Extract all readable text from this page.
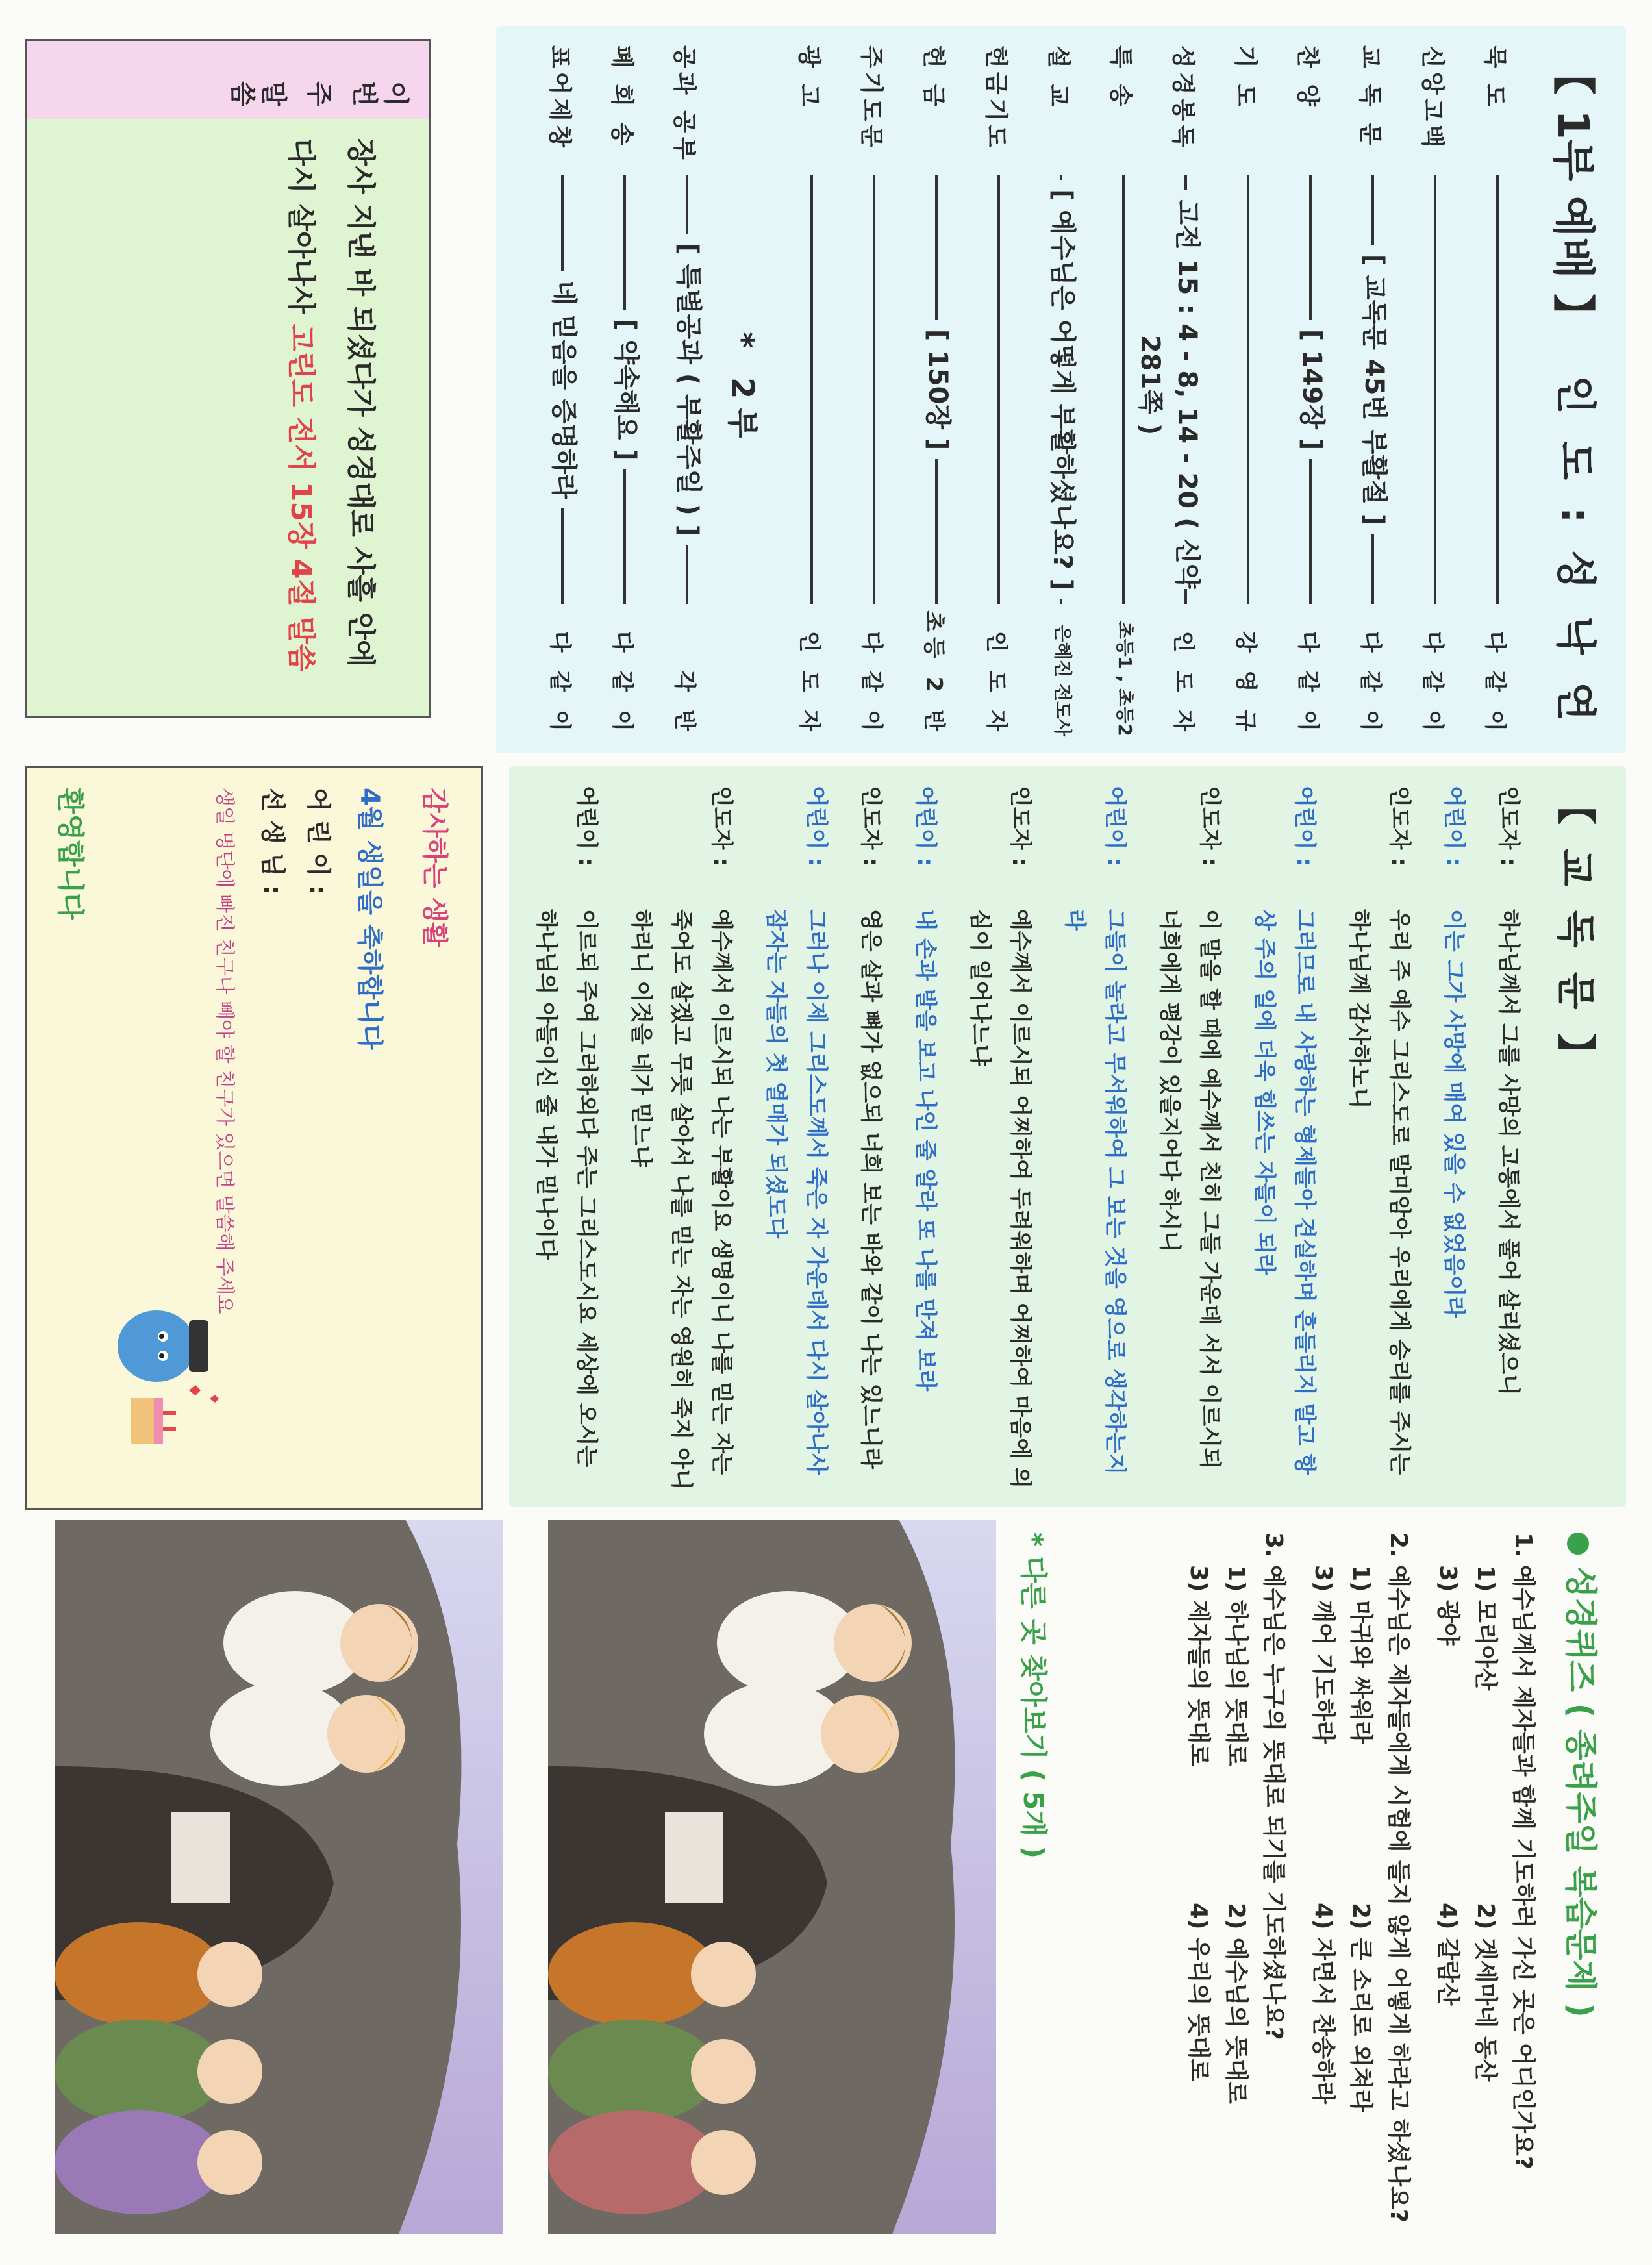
【 1부 예배 】
인 도 : 성 낙 연
묵 도
다 같 이
신앙고백
다 같 이
교 독 문
[ 교독문 45번 부활절 ]
다 같 이
찬 양
[ 149장 ]
다 같 이
기 도
강 영 규
성경봉독
고전 15 : 4 - 8, 14 - 20 ( 신약 281쪽 )
인 도 자
특 송
초등1 , 초등2
설 교
[ 예수님은 어떻게 부활하셨나요? ]
은혜진 전도사
헌금기도
인 도 자
헌 금
[ 150장 ]
초등 2 반
주기도문
다 같 이
광 고
인 도 자
* 2부
공과 공부
[ 특별공과 ( 부활주일 ) ]
각 반
폐 회 송
[ 약속해요 ]
다 같 이
표어제창
네 믿음을 증명하라
다 같 이
이번 주 말씀
장사 지낸 바 되셨다가 성경대로 사흘 안에
다시 살아나사 고린도 전서 15장 4절 말씀
【 교 독 문 】
인도자 :
하나님께서 그를 사망의 고통에서 풀어 살리셨으니
어린이 :
이는 그가 사망에 매여 있을 수 없었음이라
인도자 :
우리 주 예수 그리스도로 말미암아 우리에게 승리를 주시는 하나님께 감사하노니
어린이 :
그러므로 내 사랑하는 형제들아 견실하며 흔들리지 말고 항상 주의 일에 더욱 힘쓰는 자들이 되라
인도자 :
이 말을 할 때에 예수께서 친히 그들 가운데 서서 이르시되 너희에게 평강이 있을지어다 하시니
어린이 :
그들이 놀라고 무서워하여 그 보는 것을 영으로 생각하는지라
인도자 :
예수께서 이르시되 어찌하여 두려워하며 어찌하여 마음에 의심이 일어나느냐
어린이 :
내 손과 발을 보고 나인 줄 알라 또 나를 만져 보라
인도자 :
영은 살과 뼈가 없으되 너희 보는 바와 같이 나는 있느니라
어린이 :
그러나 이제 그리스도께서 죽은 자 가운데서 다시 살아나사 잠자는 자들의 첫 열매가 되셨도다
인도자 :
예수께서 이르시되 나는 부활이요 생명이니 나를 믿는 자는 죽어도 살겠고 무릇 살아서 나를 믿는 자는 영원히 죽지 아니하리니 이것을 네가 믿느냐
어린이 :
이르되 주여 그러하외다 주는 그리스도시요 세상에 오시는 하나님의 아들이신 줄 내가 믿나이다
감사하는 생활
4월 생일을 축하합니다
어 린 이 :
선 생 님 :
생일 명단에 빠진 친구나 빼야 할 친구가 있으면 말씀해 주세요
환영합니다
성경퀴즈 ( 종려주일 복습문제 )
1.예수님께서 제자들과 함께 기도하러 가신 곳은 어디인가요?
1) 모리아산2) 겟세마네 동산3) 광야4) 갈람산
2.예수님은 제자들에게 시험에 들지 않게 어떻게 하라고 하셨나요?
1) 마귀와 싸워라2) 큰 소리로 외쳐라3) 깨어 기도하라4) 자면서 찬송하라
3.예수님은 누구의 뜻대로 되기를 기도하셨나요?
1) 하나님의 뜻대로2) 예수님의 뜻대로3) 제자들의 뜻대로4) 우리의 뜻대로
* 다른 곳 찾아보기 ( 5개 )
